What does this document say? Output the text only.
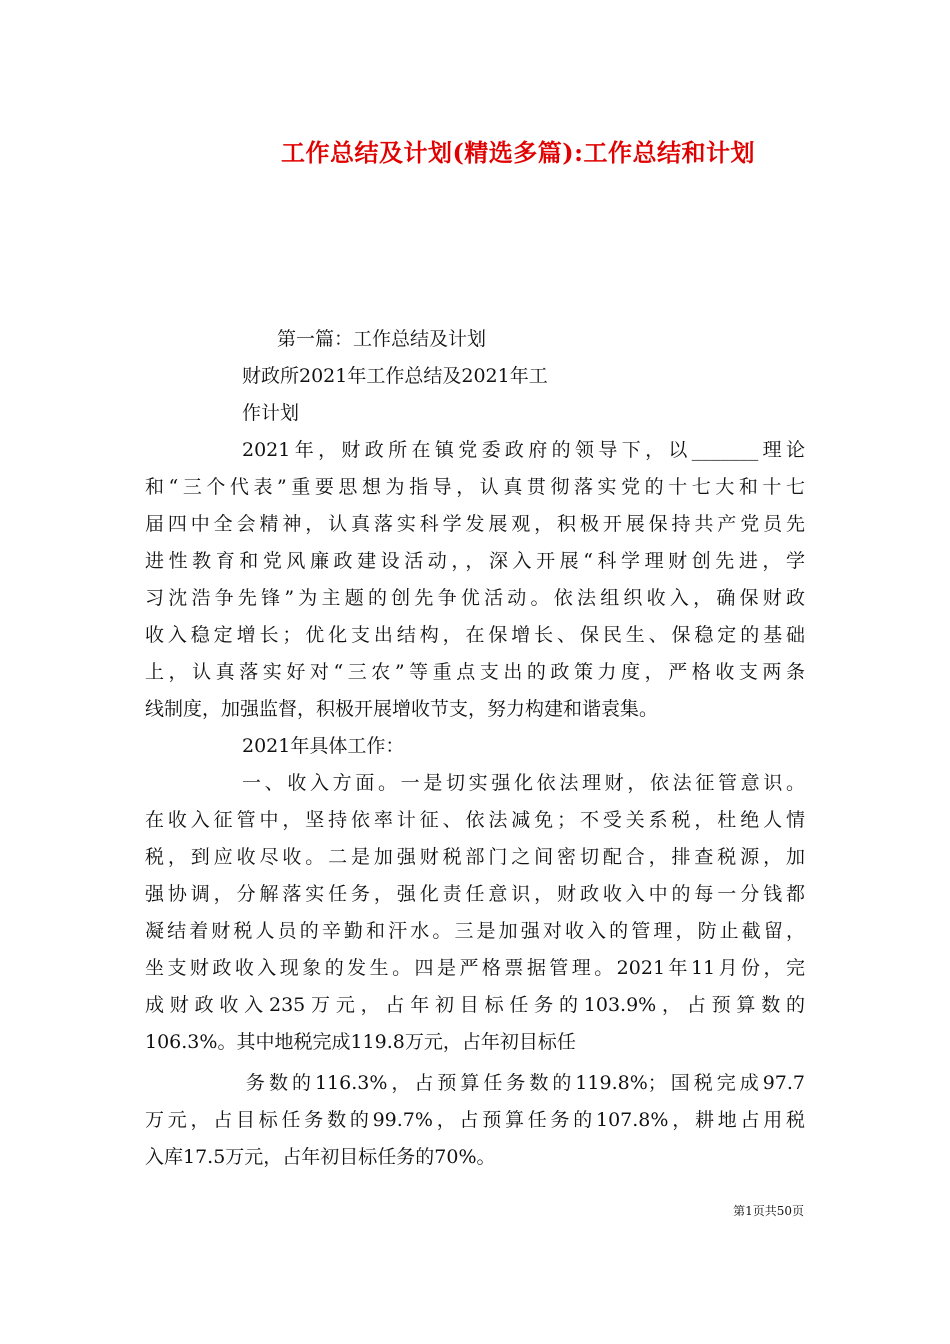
工作总结及计划(精选多篇):工作总结和计划
第一篇：工作总结及计划
财政所2021年工作总结及2021年工
作计划
2021年，财政所在镇党委政府的领导下，以_______理论
和“三个代表”重要思想为指导，认真贯彻落实党的十七大和十七
届四中全会精神，认真落实科学发展观，积极开展保持共产党员先
进性教育和党风廉政建设活动，，深入开展“科学理财创先进，学
习沈浩争先锋”为主题的创先争优活动。依法组织收入，确保财政
收入稳定增长；优化支出结构，在保增长、保民生、保稳定的基础
上，认真落实好对“三农”等重点支出的政策力度，严格收支两条
线制度，加强监督，积极开展增收节支，努力构建和谐袁集。
2021年具体工作：
一、收入方面。一是切实强化依法理财，依法征管意识。
在收入征管中，坚持依率计征、依法减免；不受关系税，杜绝人情
税，到应收尽收。二是加强财税部门之间密切配合，排查税源，加
强协调，分解落实任务，强化责任意识，财政收入中的每一分钱都
凝结着财税人员的辛勤和汗水。三是加强对收入的管理，防止截留，
坐支财政收入现象的发生。四是严格票据管理。2021年11月份，完
成财政收入235万元，占年初目标任务的103.9%，占预算数的
106.3%。其中地税完成119.8万元，占年初目标任
务数的116.3%，占预算任务数的119.8%；国税完成97.7
万元，占目标任务数的99.7%，占预算任务的107.8%，耕地占用税
入库17.5万元，占年初目标任务的70%。
第1页共50页
